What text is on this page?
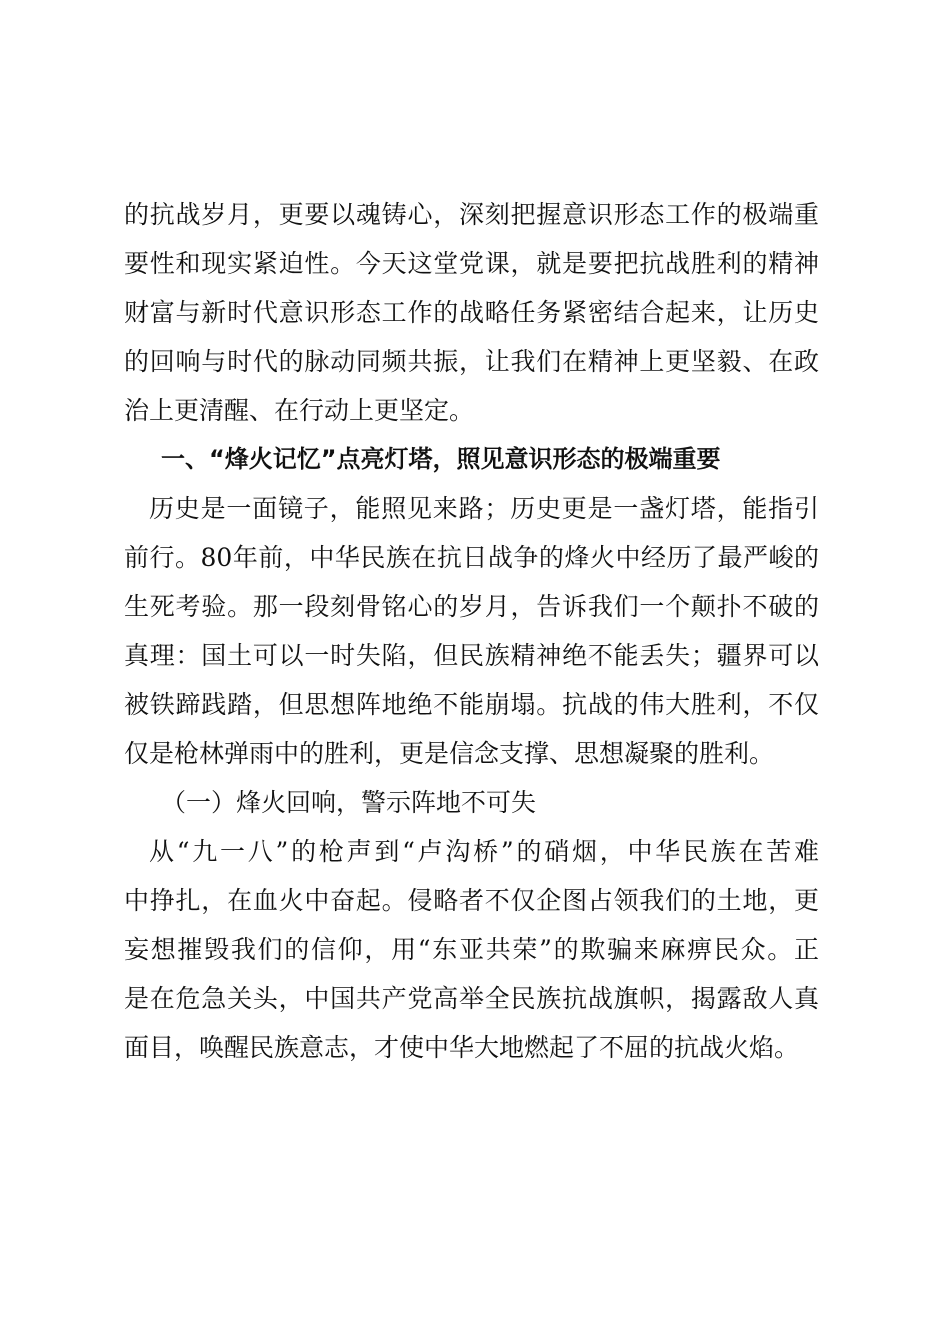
的抗战岁月，更要以魂铸心，深刻把握意识形态工作的极端重
要性和现实紧迫性。今天这堂党课，就是要把抗战胜利的精神
财富与新时代意识形态工作的战略任务紧密结合起来，让历史
的回响与时代的脉动同频共振，让我们在精神上更坚毅、在政
治上更清醒、在行动上更坚定。
一、“烽火记忆”点亮灯塔，照见意识形态的极端重要
历史是一面镜子，能照见来路；历史更是一盏灯塔，能指引
前行。80年前，中华民族在抗日战争的烽火中经历了最严峻的
生死考验。那一段刻骨铭心的岁月，告诉我们一个颠扑不破的
真理：国土可以一时失陷，但民族精神绝不能丢失；疆界可以
被铁蹄践踏，但思想阵地绝不能崩塌。抗战的伟大胜利，不仅
仅是枪林弹雨中的胜利，更是信念支撑、思想凝聚的胜利。
（一）烽火回响，警示阵地不可失
从“九一八”的枪声到“卢沟桥”的硝烟，中华民族在苦难
中挣扎，在血火中奋起。侵略者不仅企图占领我们的土地，更
妄想摧毁我们的信仰，用“东亚共荣”的欺骗来麻痹民众。正
是在危急关头，中国共产党高举全民族抗战旗帜，揭露敌人真
面目，唤醒民族意志，才使中华大地燃起了不屈的抗战火焰。
